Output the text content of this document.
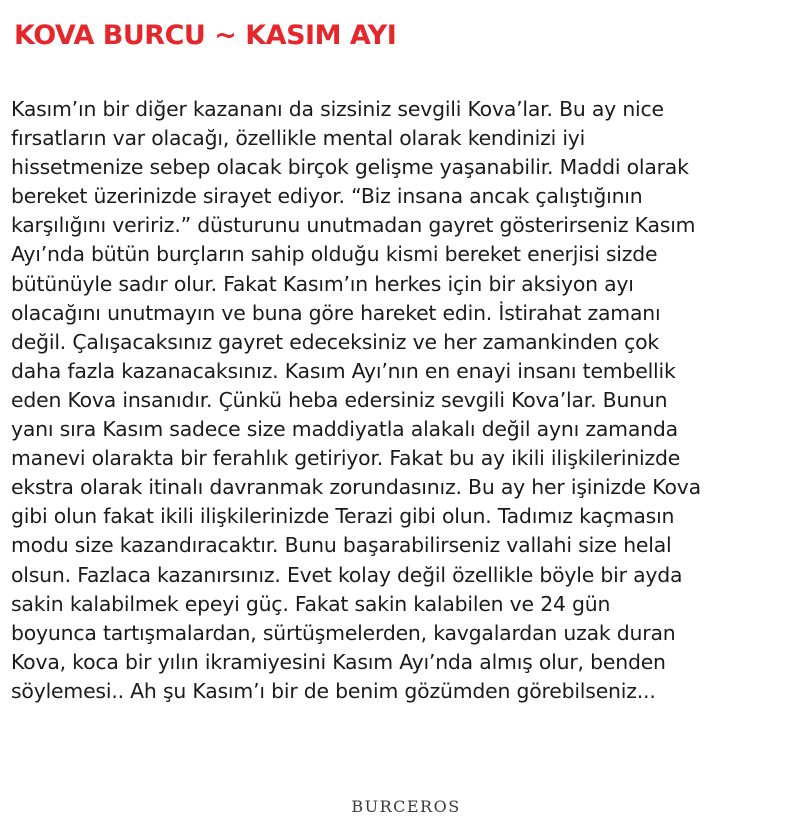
KOVA BURCU ~ KASIM AYI
Kasım’ın bir diğer kazananı da sizsiniz sevgili Kova’lar. Bu ay nice
fırsatların var olacağı, özellikle mental olarak kendinizi iyi
hissetmenize sebep olacak birçok gelişme yaşanabilir. Maddi olarak
bereket üzerinizde sirayet ediyor. “Biz insana ancak çalıştığının
karşılığını veririz.” düsturunu unutmadan gayret gösterirseniz Kasım
Ayı’nda bütün burçların sahip olduğu kismi bereket enerjisi sizde
bütünüyle sadır olur. Fakat Kasım’ın herkes için bir aksiyon ayı
olacağını unutmayın ve buna göre hareket edin. İstirahat zamanı
değil. Çalışacaksınız gayret edeceksiniz ve her zamankinden çok
daha fazla kazanacaksınız. Kasım Ayı’nın en enayi insanı tembellik
eden Kova insanıdır. Çünkü heba edersiniz sevgili Kova’lar. Bunun
yanı sıra Kasım sadece size maddiyatla alakalı değil aynı zamanda
manevi olarakta bir ferahlık getiriyor. Fakat bu ay ikili ilişkilerinizde
ekstra olarak itinalı davranmak zorundasınız. Bu ay her işinizde Kova
gibi olun fakat ikili ilişkilerinizde Terazi gibi olun. Tadımız kaçmasın
modu size kazandıracaktır. Bunu başarabilirseniz vallahi size helal
olsun. Fazlaca kazanırsınız. Evet kolay değil özellikle böyle bir ayda
sakin kalabilmek epeyi güç. Fakat sakin kalabilen ve 24 gün
boyunca tartışmalardan, sürtüşmelerden, kavgalardan uzak duran
Kova, koca bir yılın ikramiyesini Kasım Ayı’nda almış olur, benden
söylemesi.. Ah şu Kasım’ı bir de benim gözümden görebilseniz...

BURCEROS
